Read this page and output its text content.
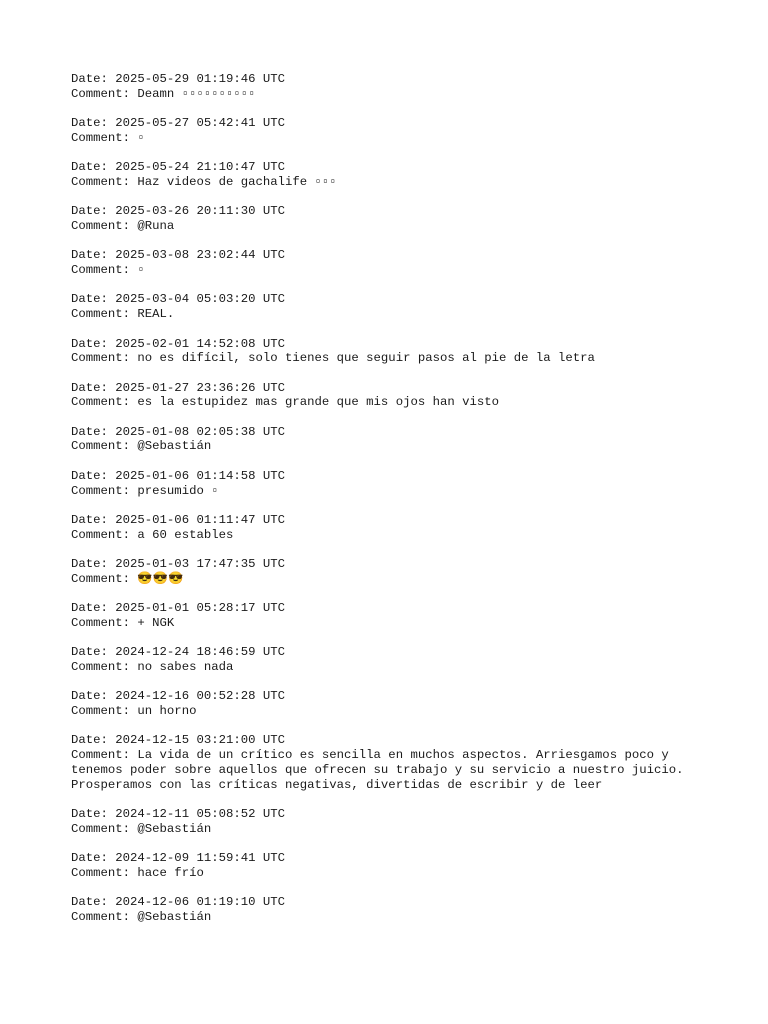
Date: 2025-05-29 01:19:46 UTC
Comment: Deamn ▫▫▫▫▫▫▫▫▫▫
Date: 2025-05-27 05:42:41 UTC
Comment: ▫
Date: 2025-05-24 21:10:47 UTC
Comment: Haz videos de gachalife ▫▫▫
Date: 2025-03-26 20:11:30 UTC
Comment: @Runa
Date: 2025-03-08 23:02:44 UTC
Comment: ▫
Date: 2025-03-04 05:03:20 UTC
Comment: REAL.
Date: 2025-02-01 14:52:08 UTC
Comment: no es difícil, solo tienes que seguir pasos al pie de la letra
Date: 2025-01-27 23:36:26 UTC
Comment: es la estupidez mas grande que mis ojos han visto
Date: 2025-01-08 02:05:38 UTC
Comment: @Sebastián
Date: 2025-01-06 01:14:58 UTC
Comment: presumido ▫
Date: 2025-01-06 01:11:47 UTC
Comment: a 60 estables
Date: 2025-01-03 17:47:35 UTC
Comment: 😎😎😎
Date: 2025-01-01 05:28:17 UTC
Comment: + NGK
Date: 2024-12-24 18:46:59 UTC
Comment: no sabes nada
Date: 2024-12-16 00:52:28 UTC
Comment: un horno
Date: 2024-12-15 03:21:00 UTC
Comment: La vida de un crítico es sencilla en muchos aspectos. Arriesgamos poco y
tenemos poder sobre aquellos que ofrecen su trabajo y su servicio a nuestro juicio.
Prosperamos con las críticas negativas, divertidas de escribir y de leer
Date: 2024-12-11 05:08:52 UTC
Comment: @Sebastián
Date: 2024-12-09 11:59:41 UTC
Comment: hace frío
Date: 2024-12-06 01:19:10 UTC
Comment: @Sebastián
